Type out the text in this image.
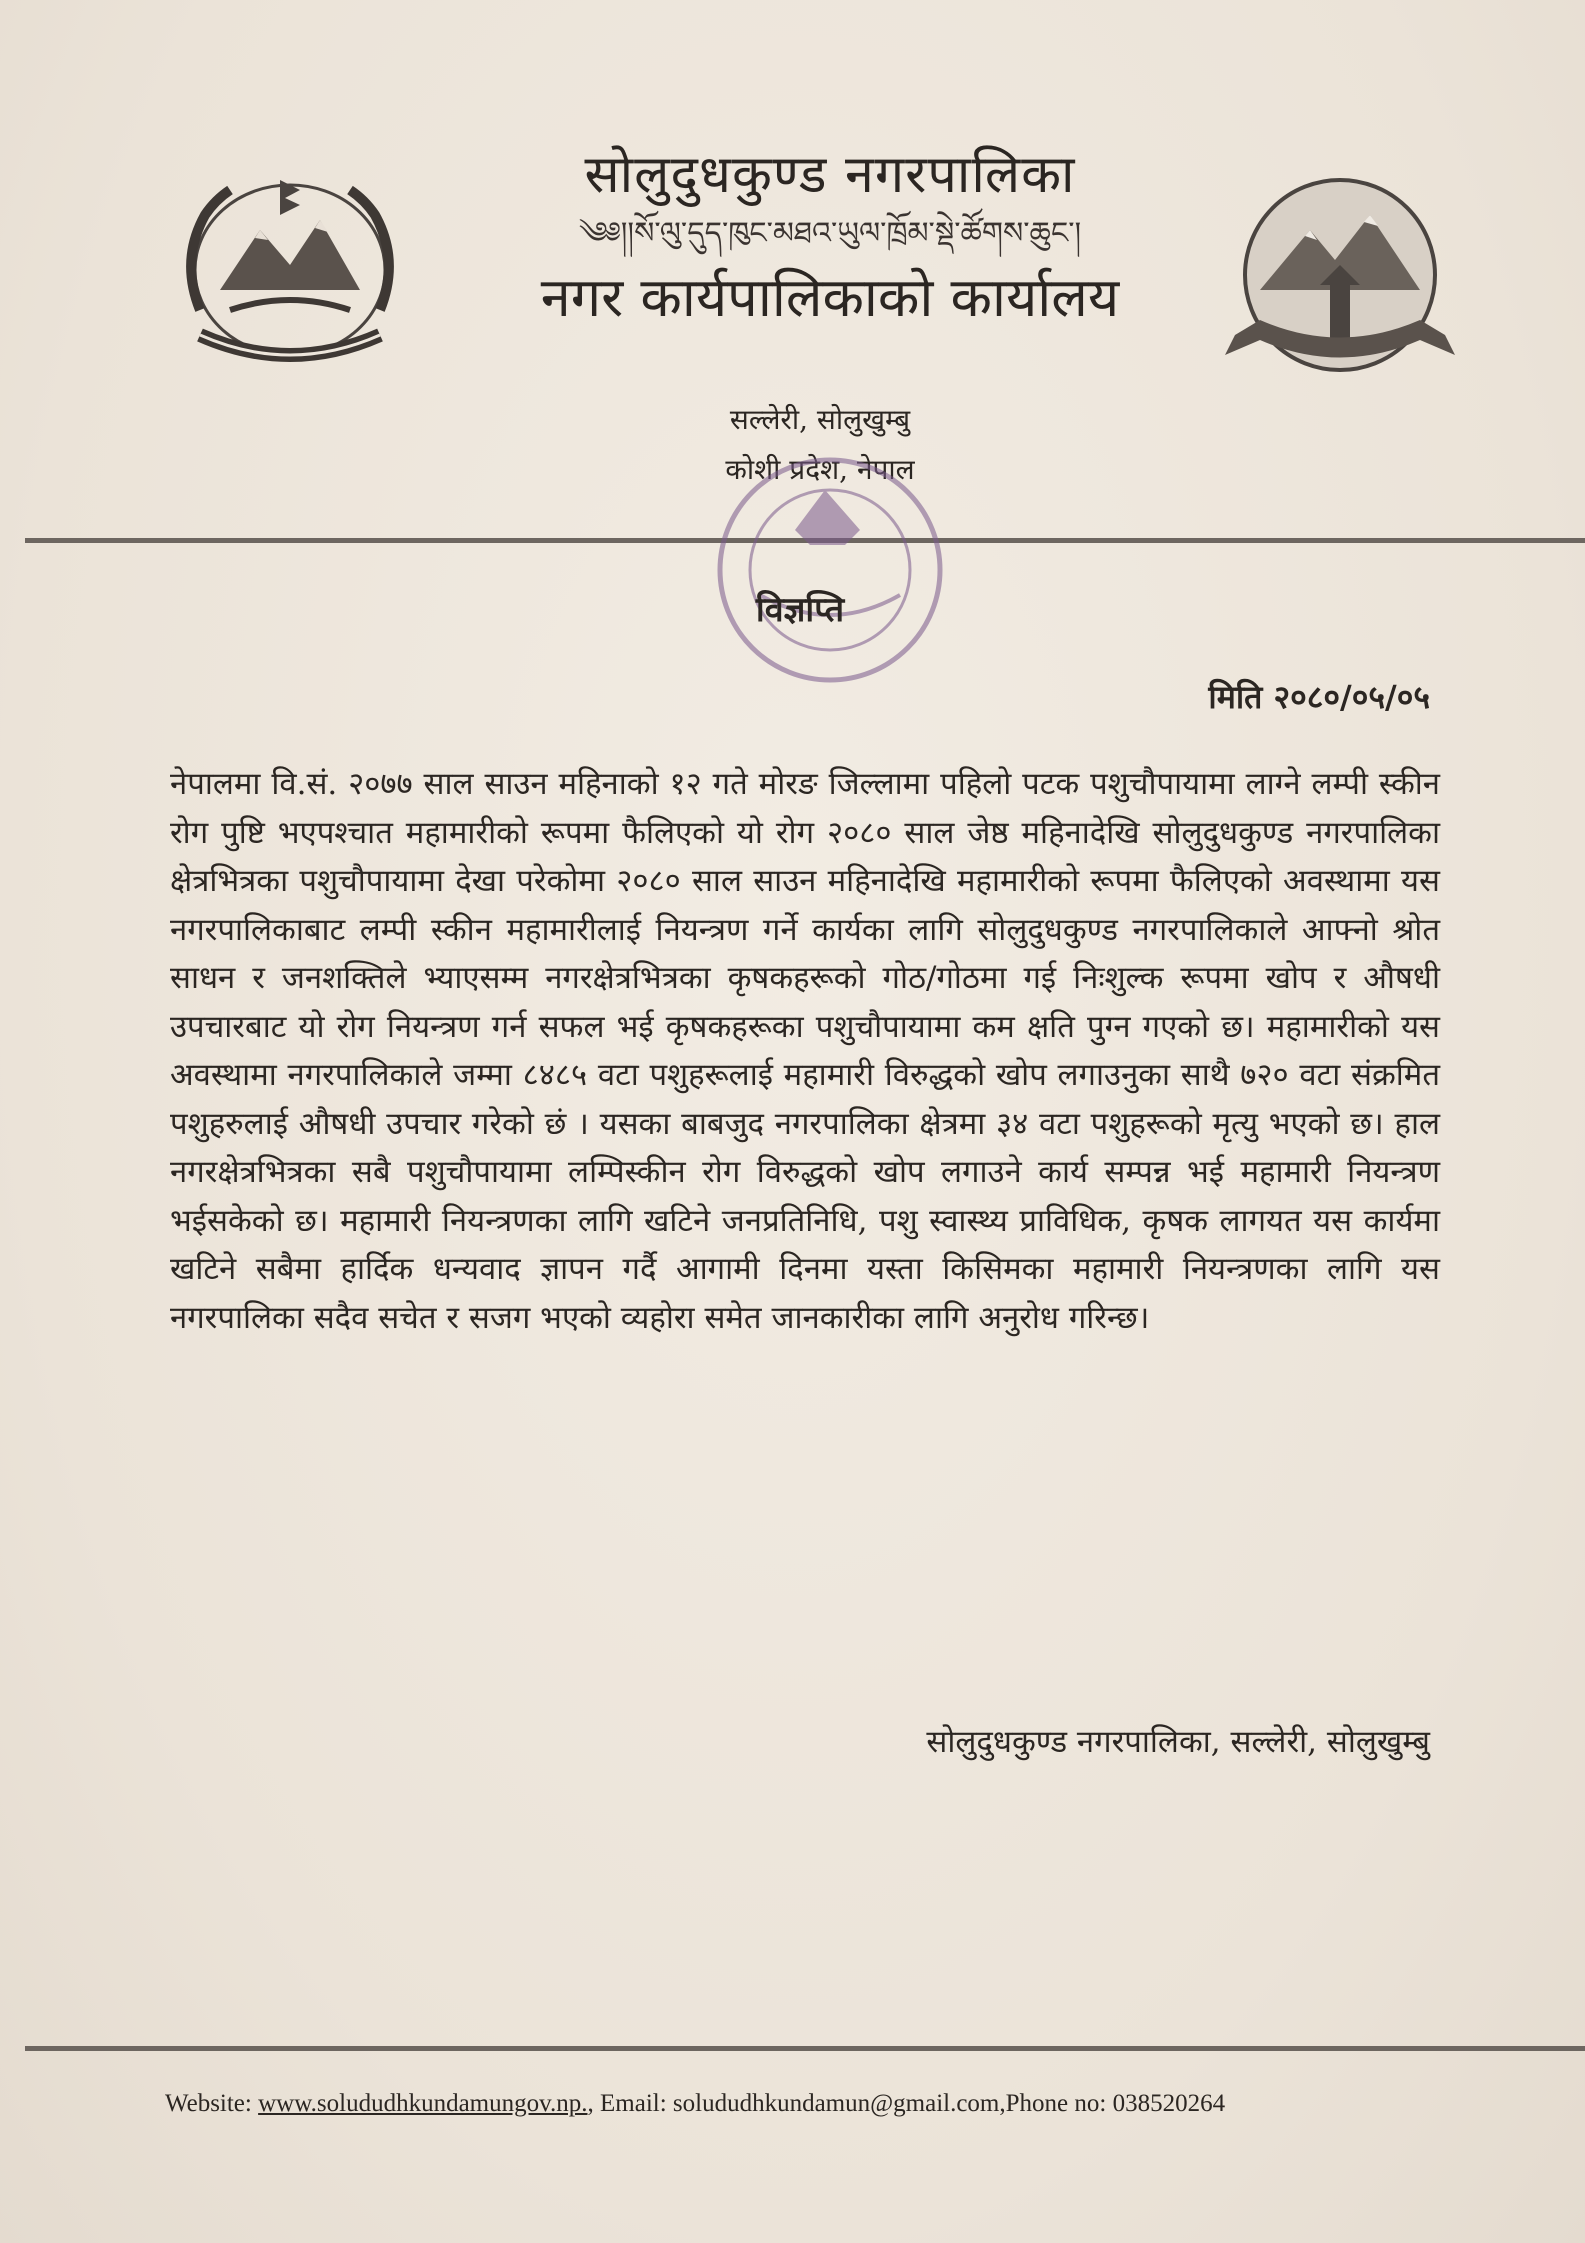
सोलुदुधकुण्ड नगरपालिका
༄༅།།སོ་ལུ་དུད་ཁུང་མཐའ་ཡུལ་ཁྲོམ་སྡེ་ཚོགས་ཆུང་།
नगर कार्यपालिकाको कार्यालय
सल्लेरी, सोलुखुम्बु
कोशी प्रदेश, नेपाल
विज्ञप्ति
मिति २०८०/०५/०५
नेपालमा वि.सं. २०७७ साल साउन महिनाको १२ गते मोरङ जिल्लामा पहिलो पटक पशुचौपायामा लाग्ने लम्पी स्कीन रोग पुष्टि भएपश्चात महामारीको रूपमा फैलिएको यो रोग २०८० साल जेष्ठ महिनादेखि सोलुदुधकुण्ड नगरपालिका क्षेत्रभित्रका पशुचौपायामा देखा परेकोमा २०८० साल साउन महिनादेखि महामारीको रूपमा फैलिएको अवस्थामा यस नगरपालिकाबाट लम्पी स्कीन महामारीलाई नियन्त्रण गर्ने कार्यका लागि सोलुदुधकुण्ड नगरपालिकाले आफ्नो श्रोत साधन र जनशक्तिले भ्याएसम्म नगरक्षेत्रभित्रका कृषकहरूको गोठ/गोठमा गई निःशुल्क रूपमा खोप र औषधी उपचारबाट यो रोग नियन्त्रण गर्न सफल भई कृषकहरूका पशुचौपायामा कम क्षति पुग्न गएको छ। महामारीको यस अवस्थामा नगरपालिकाले जम्मा ८४८५ वटा पशुहरूलाई महामारी विरुद्धको खोप लगाउनुका साथै ७२० वटा संक्रमित पशुहरुलाई औषधी उपचार गरेको छं । यसका बाबजुद नगरपालिका क्षेत्रमा ३४ वटा पशुहरूको मृत्यु भएको छ। हाल नगरक्षेत्रभित्रका सबै पशुचौपायामा लम्पिस्कीन रोग विरुद्धको खोप लगाउने कार्य सम्पन्न भई महामारी नियन्त्रण भईसकेको छ। महामारी नियन्त्रणका लागि खटिने जनप्रतिनिधि, पशु स्वास्थ्य प्राविधिक, कृषक लागयत यस कार्यमा खटिने सबैमा हार्दिक धन्यवाद ज्ञापन गर्दै आगामी दिनमा यस्ता किसिमका महामारी नियन्त्रणका लागि यस नगरपालिका सदैव सचेत र सजग भएको व्यहोरा समेत जानकारीका लागि अनुरोध गरिन्छ।
सोलुदुधकुण्ड नगरपालिका, सल्लेरी, सोलुखुम्बु
Website: www.solududhkundamungov.np., Email: solududhkundamun@gmail.com,Phone no: 038520264
